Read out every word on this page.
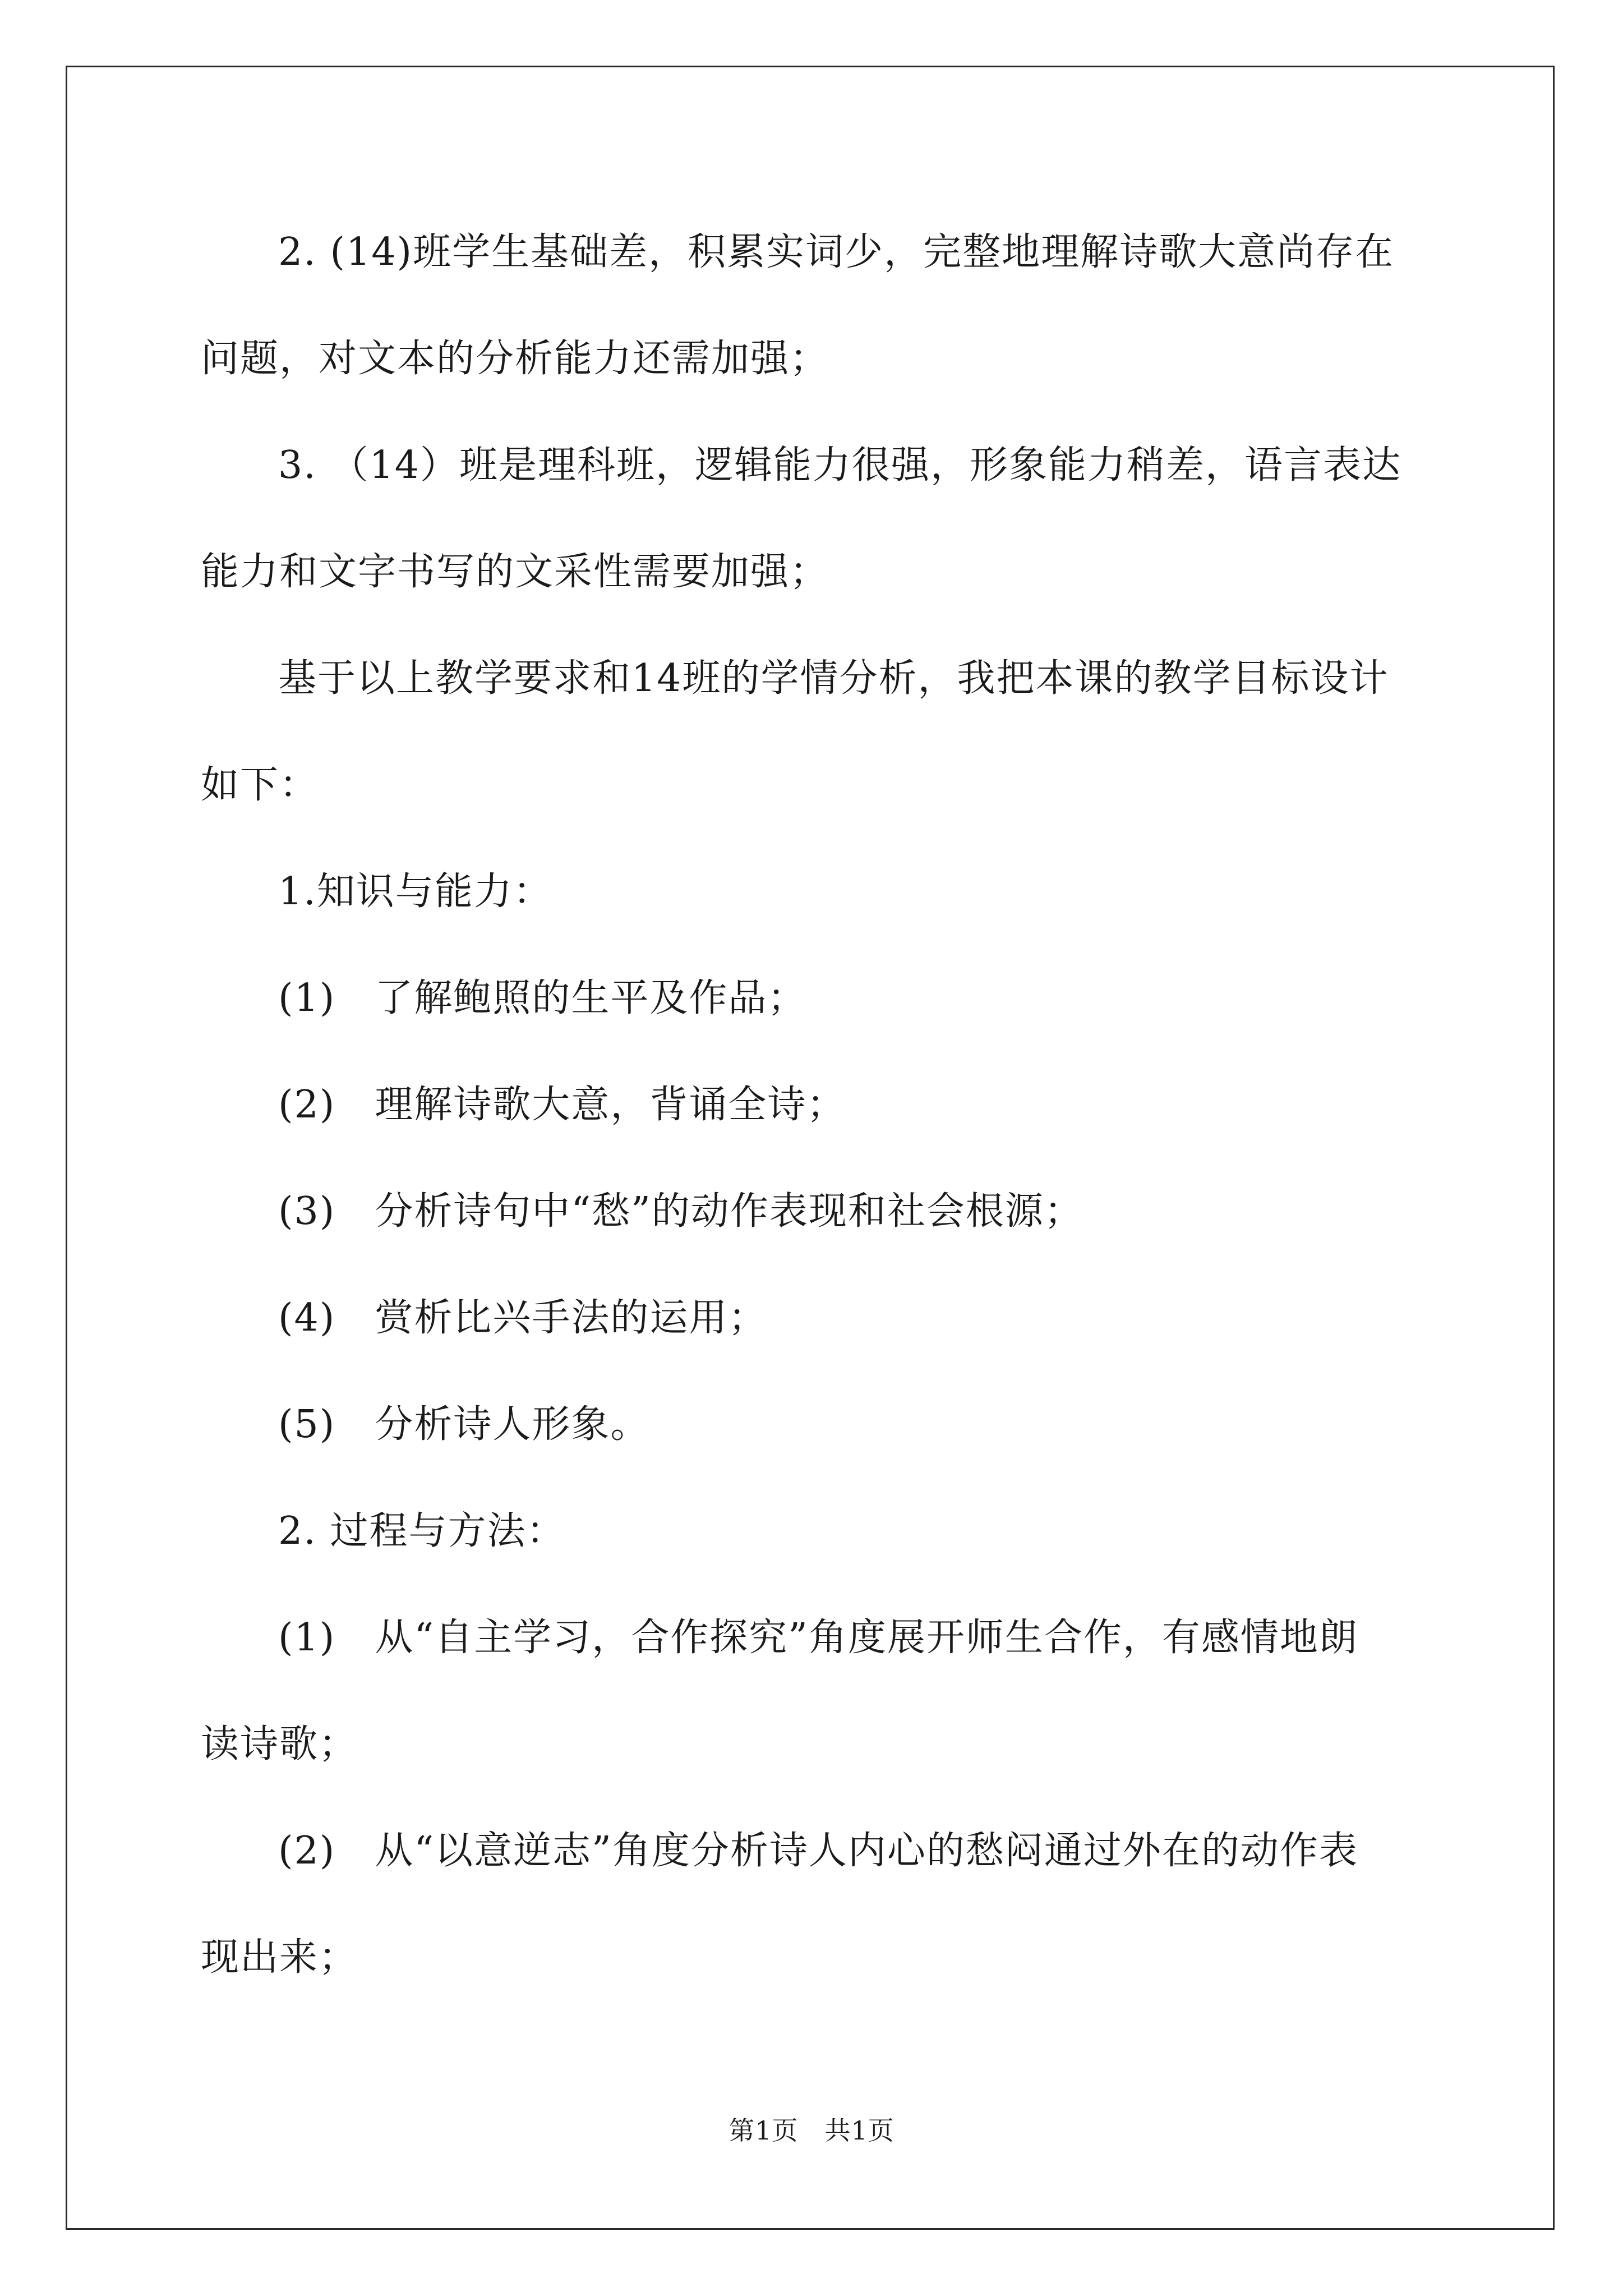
2. (14)班学生基础差，积累实词少，完整地理解诗歌大意尚存在
问题，对文本的分析能力还需加强；
3. （14）班是理科班，逻辑能力很强，形象能力稍差，语言表达
能力和文字书写的文采性需要加强；
基于以上教学要求和14班的学情分析，我把本课的教学目标设计
如下：
1.知识与能力：
(1) 了解鲍照的生平及作品；
(2) 理解诗歌大意，背诵全诗；
(3) 分析诗句中“愁”的动作表现和社会根源；
(4) 赏析比兴手法的运用；
(5) 分析诗人形象。
2. 过程与方法：
(1) 从“自主学习，合作探究”角度展开师生合作，有感情地朗
读诗歌；
(2) 从“以意逆志”角度分析诗人内心的愁闷通过外在的动作表
现出来；
第1页　共1页
